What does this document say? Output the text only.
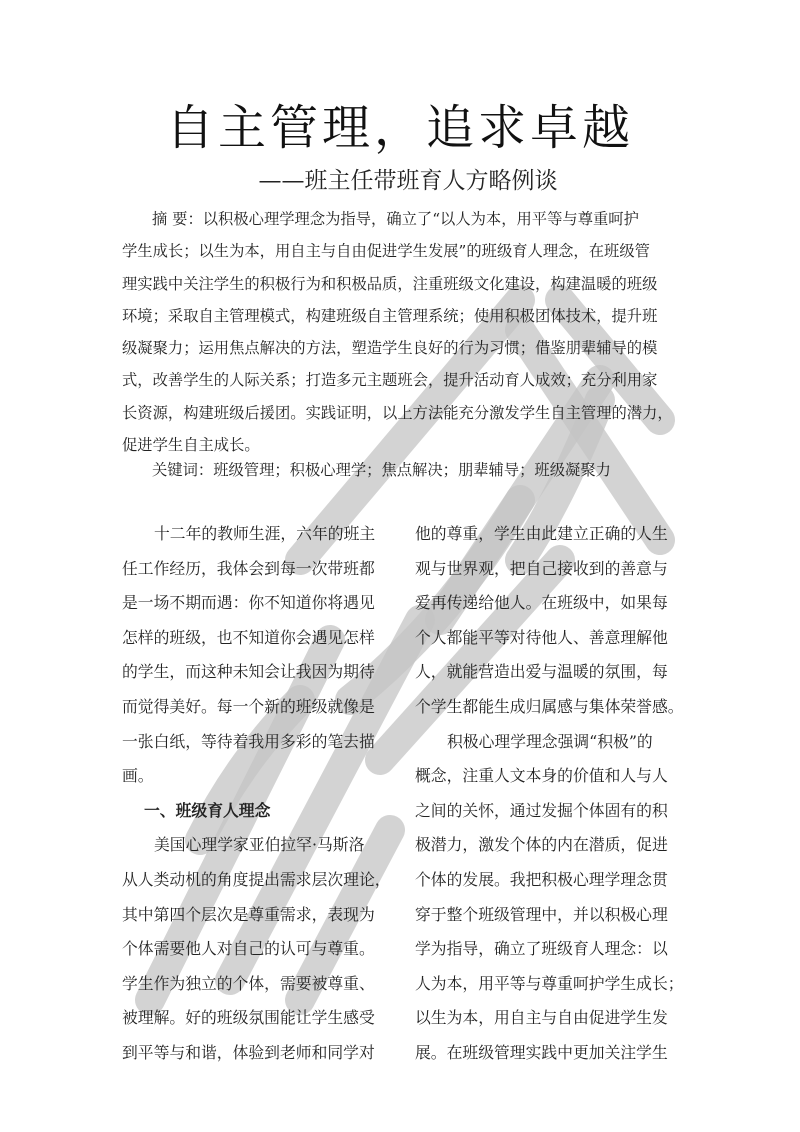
自主管理，追求卓越
——班主任带班育人方略例谈
摘 要：以积极心理学理念为指导，确立了“以人为本，用平等与尊重呵护
学生成长；以生为本，用自主与自由促进学生发展”的班级育人理念，在班级管
理实践中关注学生的积极行为和积极品质，注重班级文化建设，构建温暖的班级
环境；采取自主管理模式，构建班级自主管理系统；使用积极团体技术，提升班
级凝聚力；运用焦点解决的方法，塑造学生良好的行为习惯；借鉴朋辈辅导的模
式，改善学生的人际关系；打造多元主题班会，提升活动育人成效；充分利用家
长资源，构建班级后援团。实践证明，以上方法能充分激发学生自主管理的潜力，
促进学生自主成长。
关键词：班级管理；积极心理学；焦点解决；朋辈辅导；班级凝聚力
十二年的教师生涯，六年的班主
任工作经历，我体会到每一次带班都
是一场不期而遇：你不知道你将遇见
怎样的班级，也不知道你会遇见怎样
的学生，而这种未知会让我因为期待
而觉得美好。每一个新的班级就像是
一张白纸，等待着我用多彩的笔去描
画。
一、班级育人理念
美国心理学家亚伯拉罕·马斯洛
从人类动机的角度提出需求层次理论，
其中第四个层次是尊重需求，表现为
个体需要他人对自己的认可与尊重。
学生作为独立的个体，需要被尊重、
被理解。好的班级氛围能让学生感受
到平等与和谐，体验到老师和同学对
他的尊重，学生由此建立正确的人生
观与世界观，把自己接收到的善意与
爱再传递给他人。在班级中，如果每
个人都能平等对待他人、善意理解他
人，就能营造出爱与温暖的氛围，每
个学生都能生成归属感与集体荣誉感。
积极心理学理念强调“积极”的
概念，注重人文本身的价值和人与人
之间的关怀，通过发掘个体固有的积
极潜力，激发个体的内在潜质，促进
个体的发展。我把积极心理学理念贯
穿于整个班级管理中，并以积极心理
学为指导，确立了班级育人理念：以
人为本，用平等与尊重呵护学生成长；
以生为本，用自主与自由促进学生发
展。在班级管理实践中更加关注学生
